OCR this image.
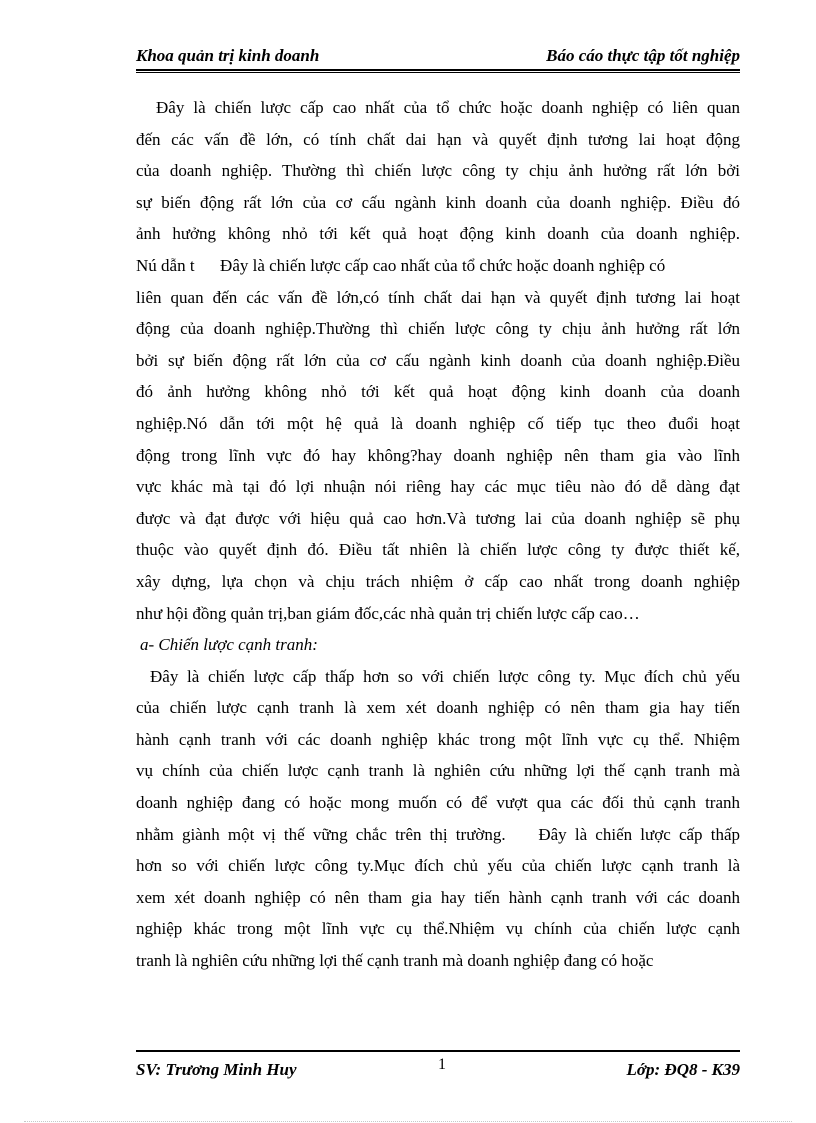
Khoa quản trị kinh doanh	Báo cáo thực tập tốt nghiệp
Đây là chiến lược cấp cao nhất của tổ chức hoặc doanh nghiệp có liên quan
đến các vấn đề lớn, có tính chất dai hạn và quyết định tương lai hoạt động
của doanh nghiệp. Thường thì chiến lược công ty chịu ảnh hưởng rất lớn bởi
sự biến động rất lớn của cơ cấu ngành kinh doanh của doanh nghiệp. Điều đó
ảnh hưởng không nhỏ tới kết quả hoạt động kinh doanh của doanh nghiệp.
Nú dẫn t      Đây là chiến lược cấp cao nhất của tổ chức hoặc doanh nghiệp có
liên quan đến các vấn đề lớn,có tính chất dai hạn và quyết định tương lai hoạt
động của doanh nghiệp.Thường thì chiến lược công ty chịu ảnh hưởng rất lớn
bởi sự biến động rất lớn của cơ cấu ngành kinh doanh của doanh nghiệp.Điều
đó ảnh hưởng không nhỏ tới kết quả hoạt động kinh doanh của doanh
nghiệp.Nó dẫn tới một hệ quả là doanh nghiệp cố tiếp tục theo đuổi hoạt
động trong lĩnh vực đó hay không?hay doanh nghiệp nên tham gia vào lĩnh
vực khác mà tại đó lợi nhuận nói riêng hay các mục tiêu nào đó dễ dàng đạt
được và đạt được với hiệu quả cao hơn.Và tương lai của doanh nghiệp sẽ phụ
thuộc vào quyết định đó. Điều tất nhiên là chiến lược công ty được thiết kế,
xây dựng, lựa chọn và chịu trách nhiệm ở cấp cao nhất trong doanh nghiệp
như hội đồng quản trị,ban giám đốc,các nhà quản trị chiến lược cấp cao…
a- Chiến lược cạnh tranh:
Đây là chiến lược cấp thấp hơn so với chiến lược công ty. Mục đích chủ yếu
của chiến lược cạnh tranh là xem xét doanh nghiệp có nên tham gia hay tiến
hành cạnh tranh với các doanh nghiệp khác trong một lĩnh vực cụ thể. Nhiệm
vụ chính của chiến lược cạnh tranh là nghiên cứu những lợi thế cạnh tranh mà
doanh nghiệp đang có hoặc mong muốn có để vượt qua các đối thủ cạnh tranh
nhằm giành một vị thế vững chắc trên thị trường.    Đây là chiến lược cấp thấp
hơn so với chiến lược công ty.Mục đích chủ yếu của chiến lược cạnh tranh là
xem xét doanh nghiệp có nên tham gia hay tiến hành cạnh tranh với các doanh
nghiệp khác trong một lĩnh vực cụ thể.Nhiệm vụ chính của chiến lược cạnh
tranh là nghiên cứu những lợi thế cạnh tranh mà doanh nghiệp đang có hoặc
SV: Trương Minh Huy	1	Lớp: ĐQ8 - K39
